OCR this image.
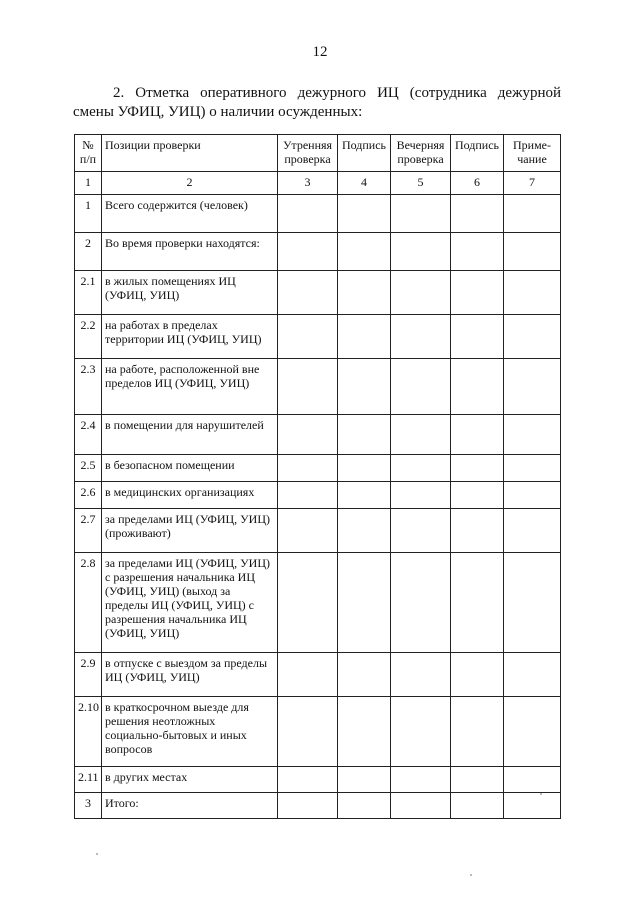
12
2. Отметка оперативного дежурного ИЦ (сотрудника дежурной
смены УФИЦ, УИЦ) о наличии осужденных:
№ п/п	Позиции проверки	Утренняя проверка	Подпись	Вечерняя проверка	Подпись	Приме-чание
1	2	3	4	5	6	7
1	Всего содержится (человек)					
2	Во время проверки находятся:					
2.1	в жилых помещениях ИЦ (УФИЦ, УИЦ)					
2.2	на работах в пределах территории ИЦ (УФИЦ, УИЦ)					
2.3	на работе, расположенной вне пределов ИЦ (УФИЦ, УИЦ)					
2.4	в помещении для нарушителей					
2.5	в безопасном помещении					
2.6	в медицинских организациях					
2.7	за пределами ИЦ (УФИЦ, УИЦ) (проживают)					
2.8	за пределами ИЦ (УФИЦ, УИЦ) с разрешения начальника ИЦ (УФИЦ, УИЦ) (выход за пределы ИЦ (УФИЦ, УИЦ) с разрешения начальника ИЦ (УФИЦ, УИЦ)					
2.9	в отпуске с выездом за пределы ИЦ (УФИЦ, УИЦ)					
2.10	в краткосрочном выезде для решения неотложных социально-бытовых и иных вопросов					
2.11	в других местах					
3	Итого:					
